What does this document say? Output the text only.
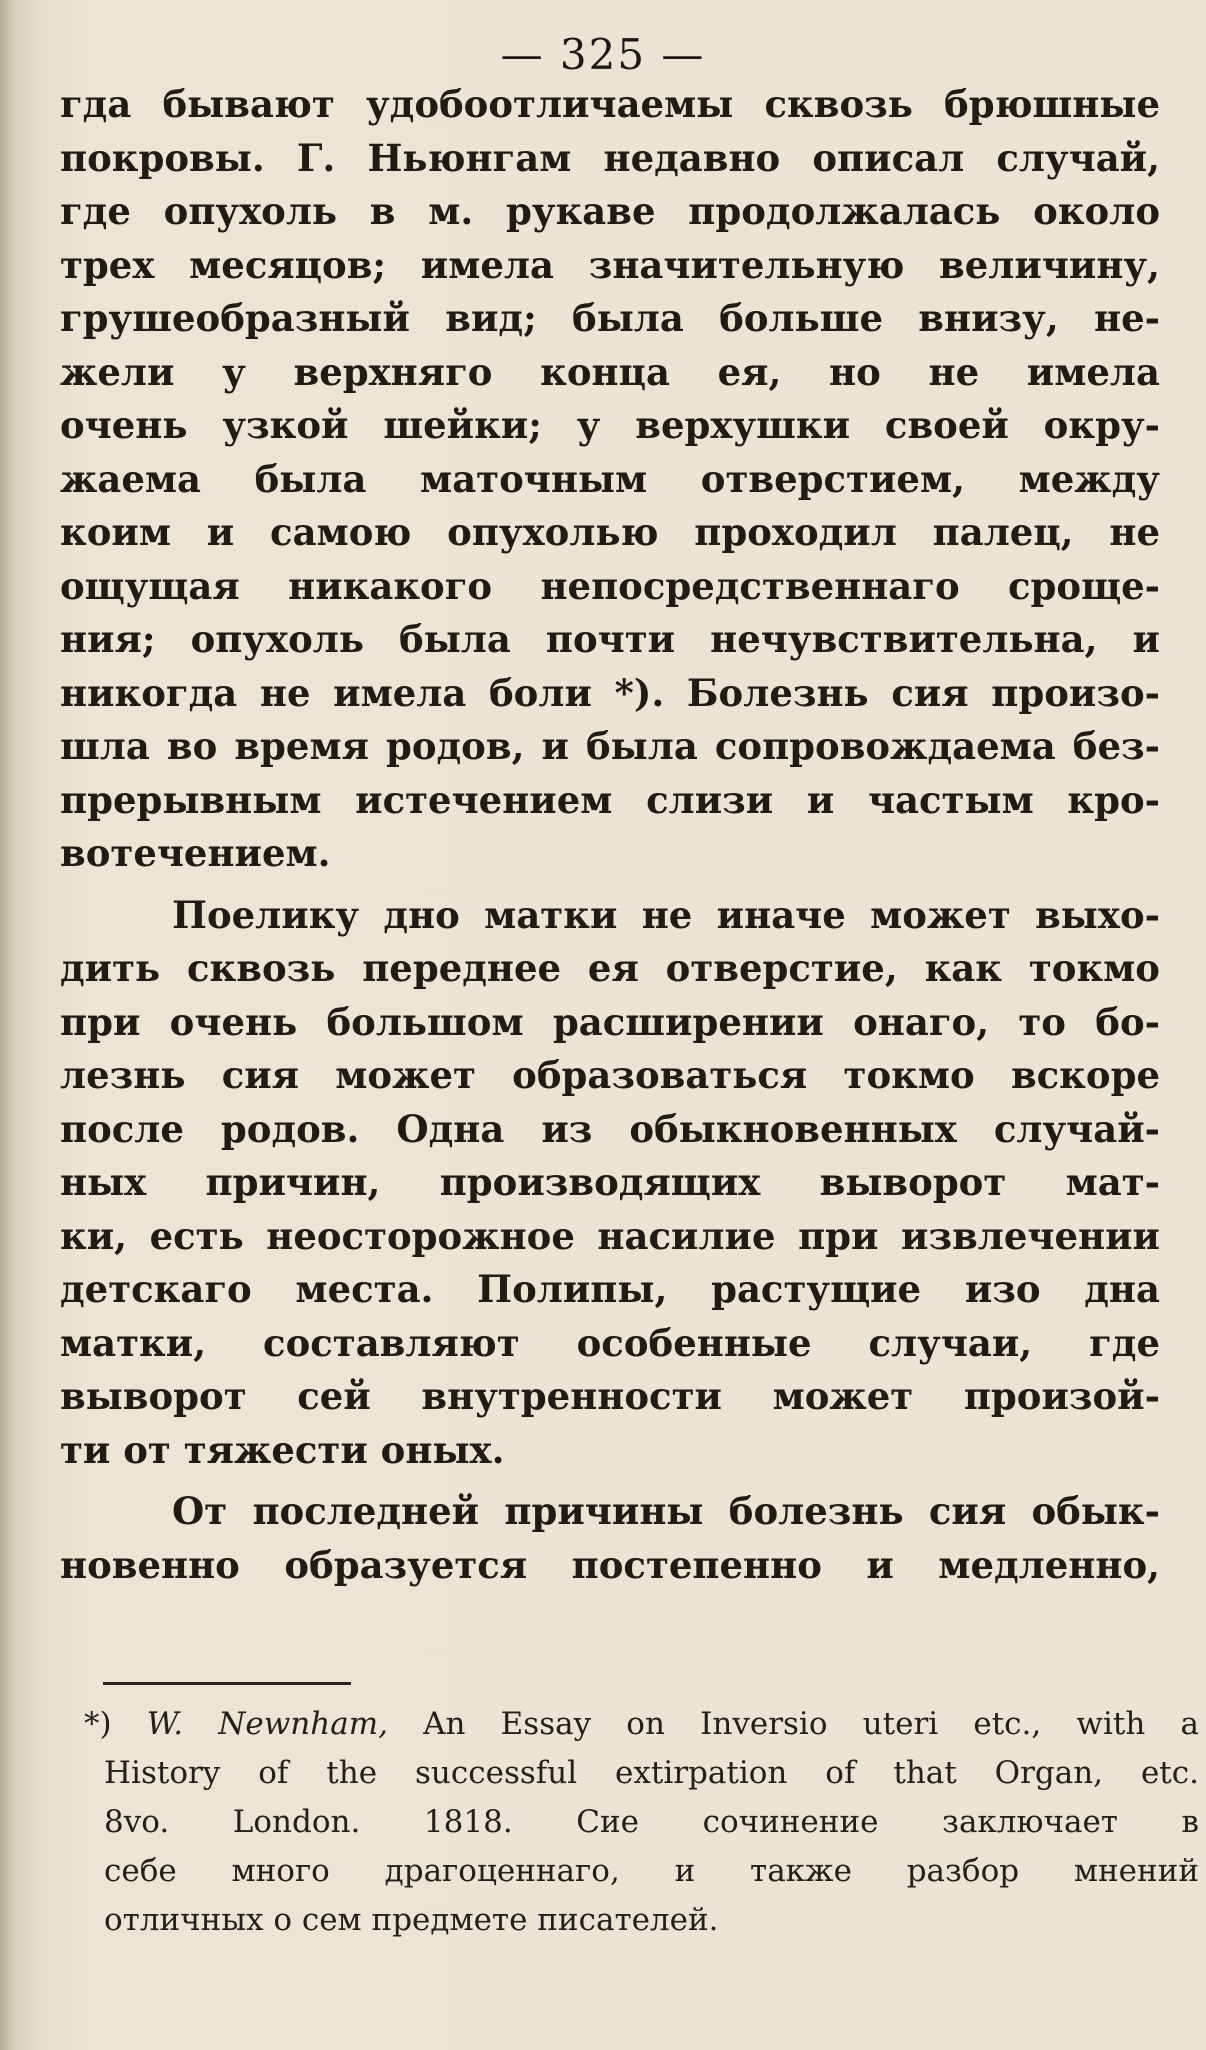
— 325 —
гда бывают удобоотличаемы сквозь брюшные
покровы. Г. Ньюнгам недавно описал случай,
где опухоль в м. рукаве продолжалась около
трех месяцов; имела значительную величину,
грушеобразный вид; была больше внизу, не-
жели у верхняго конца ея, но не имела
очень узкой шейки; у верхушки своей окру-
жаема была маточным отверстием, между
коим и самою опухолью проходил палец, не
ощущая никакого непосредственнаго сроще-
ния; опухоль была почти нечувствительна, и
никогда не имела боли *). Болезнь сия произо-
шла во время родов, и была сопровождаема без-
прерывным истечением слизи и частым кро-
вотечением.
Поелику дно матки не иначе может выхо-
дить сквозь переднее ея отверстие, как токмо
при очень большом расширении онаго, то бо-
лезнь сия может образоваться токмо вскоре
после родов. Одна из обыкновенных случай-
ных причин, производящих выворот мат-
ки, есть неосторожное насилие при извлечении
детскаго места. Полипы, растущие изо дна
матки, составляют особенные случаи, где
выворот сей внутренности может произой-
ти от тяжести оных.
От последней причины болезнь сия обык-
новенно образуется постепенно и медленно,
*) W. Newnham, An Essay on Inversio uteri etc., with a
History of the successful extirpation of that Organ, etc.
8vo. London. 1818. Сие сочинение заключает в
себе много драгоценнаго, и также разбор мнений
отличных о сем предмете писателей.
